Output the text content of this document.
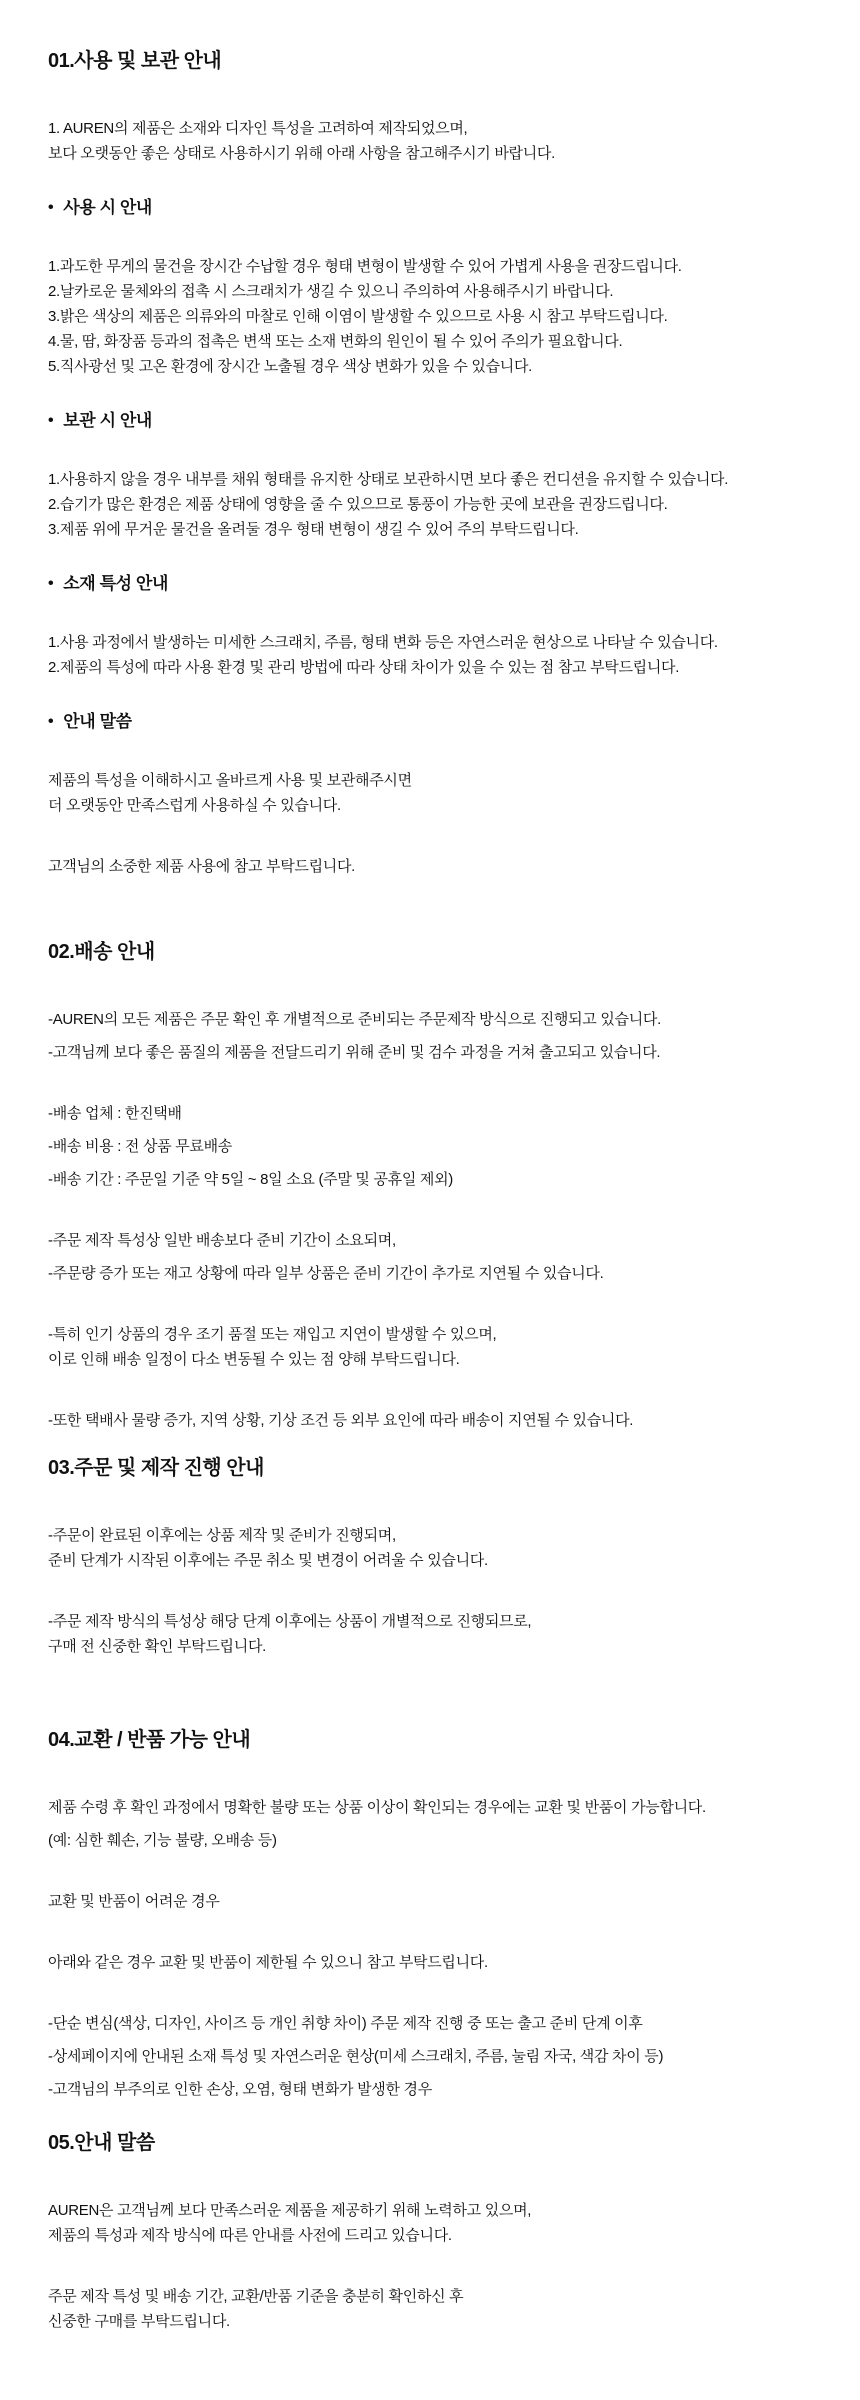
01.사용 및 보관 안내

1. AUREN의 제품은 소재와 디자인 특성을 고려하여 제작되었으며,
보다 오랫동안 좋은 상태로 사용하시기 위해 아래 사항을 참고해주시기 바랍니다.

• 사용 시 안내

1.과도한 무게의 물건을 장시간 수납할 경우 형태 변형이 발생할 수 있어 가볍게 사용을 권장드립니다.
2.날카로운 물체와의 접촉 시 스크래치가 생길 수 있으니 주의하여 사용해주시기 바랍니다.
3.밝은 색상의 제품은 의류와의 마찰로 인해 이염이 발생할 수 있으므로 사용 시 참고 부탁드립니다.
4.물, 땀, 화장품 등과의 접촉은 변색 또는 소재 변화의 원인이 될 수 있어 주의가 필요합니다.
5.직사광선 및 고온 환경에 장시간 노출될 경우 색상 변화가 있을 수 있습니다.

• 보관 시 안내

1.사용하지 않을 경우 내부를 채워 형태를 유지한 상태로 보관하시면 보다 좋은 컨디션을 유지할 수 있습니다.
2.습기가 많은 환경은 제품 상태에 영향을 줄 수 있으므로 통풍이 가능한 곳에 보관을 권장드립니다.
3.제품 위에 무거운 물건을 올려둘 경우 형태 변형이 생길 수 있어 주의 부탁드립니다.

• 소재 특성 안내

1.사용 과정에서 발생하는 미세한 스크래치, 주름, 형태 변화 등은 자연스러운 현상으로 나타날 수 있습니다.
2.제품의 특성에 따라 사용 환경 및 관리 방법에 따라 상태 차이가 있을 수 있는 점 참고 부탁드립니다.

• 안내 말씀

제품의 특성을 이해하시고 올바르게 사용 및 보관해주시면
더 오랫동안 만족스럽게 사용하실 수 있습니다.

고객님의 소중한 제품 사용에 참고 부탁드립니다.

02.배송 안내

-AUREN의 모든 제품은 주문 확인 후 개별적으로 준비되는 주문제작 방식으로 진행되고 있습니다.

-고객님께 보다 좋은 품질의 제품을 전달드리기 위해 준비 및 검수 과정을 거쳐 출고되고 있습니다.

-배송 업체 : 한진택배

-배송 비용 : 전 상품 무료배송

-배송 기간 : 주문일 기준 약 5일 ~ 8일 소요 (주말 및 공휴일 제외)

-주문 제작 특성상 일반 배송보다 준비 기간이 소요되며,

-주문량 증가 또는 재고 상황에 따라 일부 상품은 준비 기간이 추가로 지연될 수 있습니다.

-특히 인기 상품의 경우 조기 품절 또는 재입고 지연이 발생할 수 있으며,
이로 인해 배송 일정이 다소 변동될 수 있는 점 양해 부탁드립니다.

-또한 택배사 물량 증가, 지역 상황, 기상 조건 등 외부 요인에 따라 배송이 지연될 수 있습니다.

03.주문 및 제작 진행 안내

-주문이 완료된 이후에는 상품 제작 및 준비가 진행되며,
준비 단계가 시작된 이후에는 주문 취소 및 변경이 어려울 수 있습니다.

-주문 제작 방식의 특성상 해당 단계 이후에는 상품이 개별적으로 진행되므로,
구매 전 신중한 확인 부탁드립니다.

04.교환 / 반품 가능 안내

제품 수령 후 확인 과정에서 명확한 불량 또는 상품 이상이 확인되는 경우에는 교환 및 반품이 가능합니다.

(예: 심한 훼손, 기능 불량, 오배송 등)

교환 및 반품이 어려운 경우

아래와 같은 경우 교환 및 반품이 제한될 수 있으니 참고 부탁드립니다.

-단순 변심(색상, 디자인, 사이즈 등 개인 취향 차이) 주문 제작 진행 중 또는 출고 준비 단계 이후

-상세페이지에 안내된 소재 특성 및 자연스러운 현상(미세 스크래치, 주름, 눌림 자국, 색감 차이 등)

-고객님의 부주의로 인한 손상, 오염, 형태 변화가 발생한 경우

05.안내 말씀

AUREN은 고객님께 보다 만족스러운 제품을 제공하기 위해 노력하고 있으며,
제품의 특성과 제작 방식에 따른 안내를 사전에 드리고 있습니다.

주문 제작 특성 및 배송 기간, 교환/반품 기준을 충분히 확인하신 후
신중한 구매를 부탁드립니다.
